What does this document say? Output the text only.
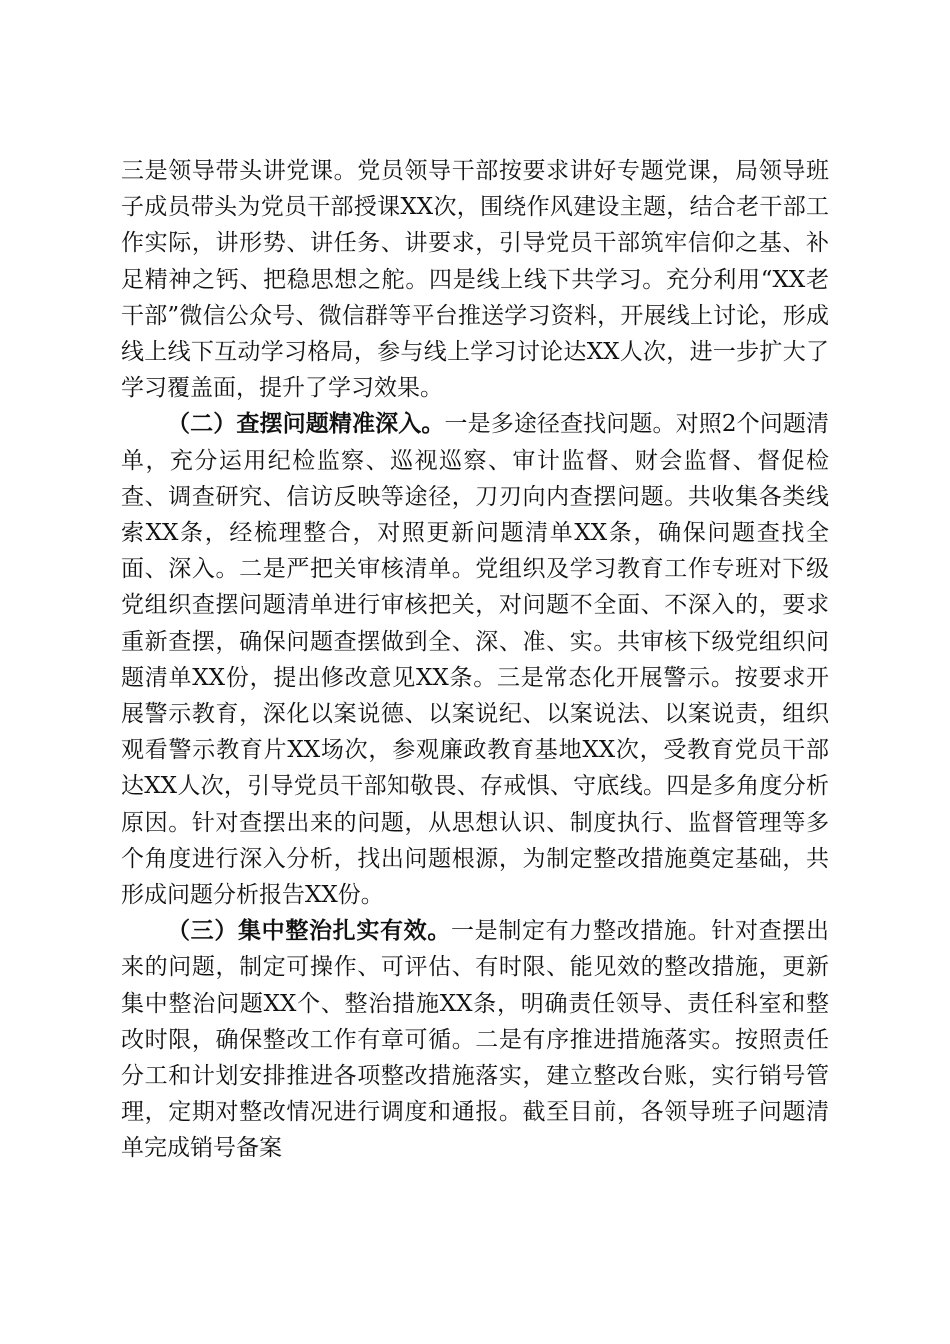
三是领导带头讲党课。党员领导干部按要求讲好专题党课，局领导班子成员带头为党员干部授课XX次，围绕作风建设主题，结合老干部工作实际，讲形势、讲任务、讲要求，引导党员干部筑牢信仰之基、补足精神之钙、把稳思想之舵。四是线上线下共学习。充分利用“XX老干部”微信公众号、微信群等平台推送学习资料，开展线上讨论，形成线上线下互动学习格局，参与线上学习讨论达XX人次，进一步扩大了学习覆盖面，提升了学习效果。

（二）查摆问题精准深入。一是多途径查找问题。对照2个问题清单，充分运用纪检监察、巡视巡察、审计监督、财会监督、督促检查、调查研究、信访反映等途径，刀刃向内查摆问题。共收集各类线索XX条，经梳理整合，对照更新问题清单XX条，确保问题查找全面、深入。二是严把关审核清单。党组织及学习教育工作专班对下级党组织查摆问题清单进行审核把关，对问题不全面、不深入的，要求重新查摆，确保问题查摆做到全、深、准、实。共审核下级党组织问题清单XX份，提出修改意见XX条。三是常态化开展警示。按要求开展警示教育，深化以案说德、以案说纪、以案说法、以案说责，组织观看警示教育片XX场次，参观廉政教育基地XX次，受教育党员干部达XX人次，引导党员干部知敬畏、存戒惧、守底线。四是多角度分析原因。针对查摆出来的问题，从思想认识、制度执行、监督管理等多个角度进行深入分析，找出问题根源，为制定整改措施奠定基础，共形成问题分析报告XX份。

（三）集中整治扎实有效。一是制定有力整改措施。针对查摆出来的问题，制定可操作、可评估、有时限、能见效的整改措施，更新集中整治问题XX个、整治措施XX条，明确责任领导、责任科室和整改时限，确保整改工作有章可循。二是有序推进措施落实。按照责任分工和计划安排推进各项整改措施落实，建立整改台账，实行销号管理，定期对整改情况进行调度和通报。截至目前，各领导班子问题清单完成销号备案
